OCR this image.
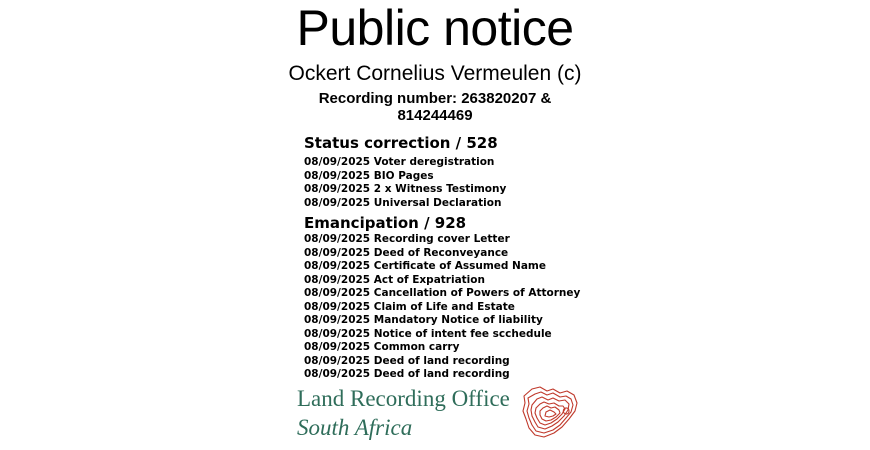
Public notice
Ockert Cornelius Vermeulen (c)
Recording number: 263820207 &
814244469
Status correction / 528
08/09/2025 Voter deregistration
08/09/2025 BIO Pages
08/09/2025 2 x Witness Testimony
08/09/2025 Universal Declaration
Emancipation / 928
08/09/2025 Recording cover Letter
08/09/2025 Deed of Reconveyance
08/09/2025 Certificate of Assumed Name
08/09/2025 Act of Expatriation
08/09/2025 Cancellation of Powers of Attorney
08/09/2025 Claim of Life and Estate
08/09/2025 Mandatory Notice of liability
08/09/2025 Notice of intent fee scchedule
08/09/2025 Common carry
08/09/2025 Deed of land recording
08/09/2025 Deed of land recording
Land Recording Office
South Africa
